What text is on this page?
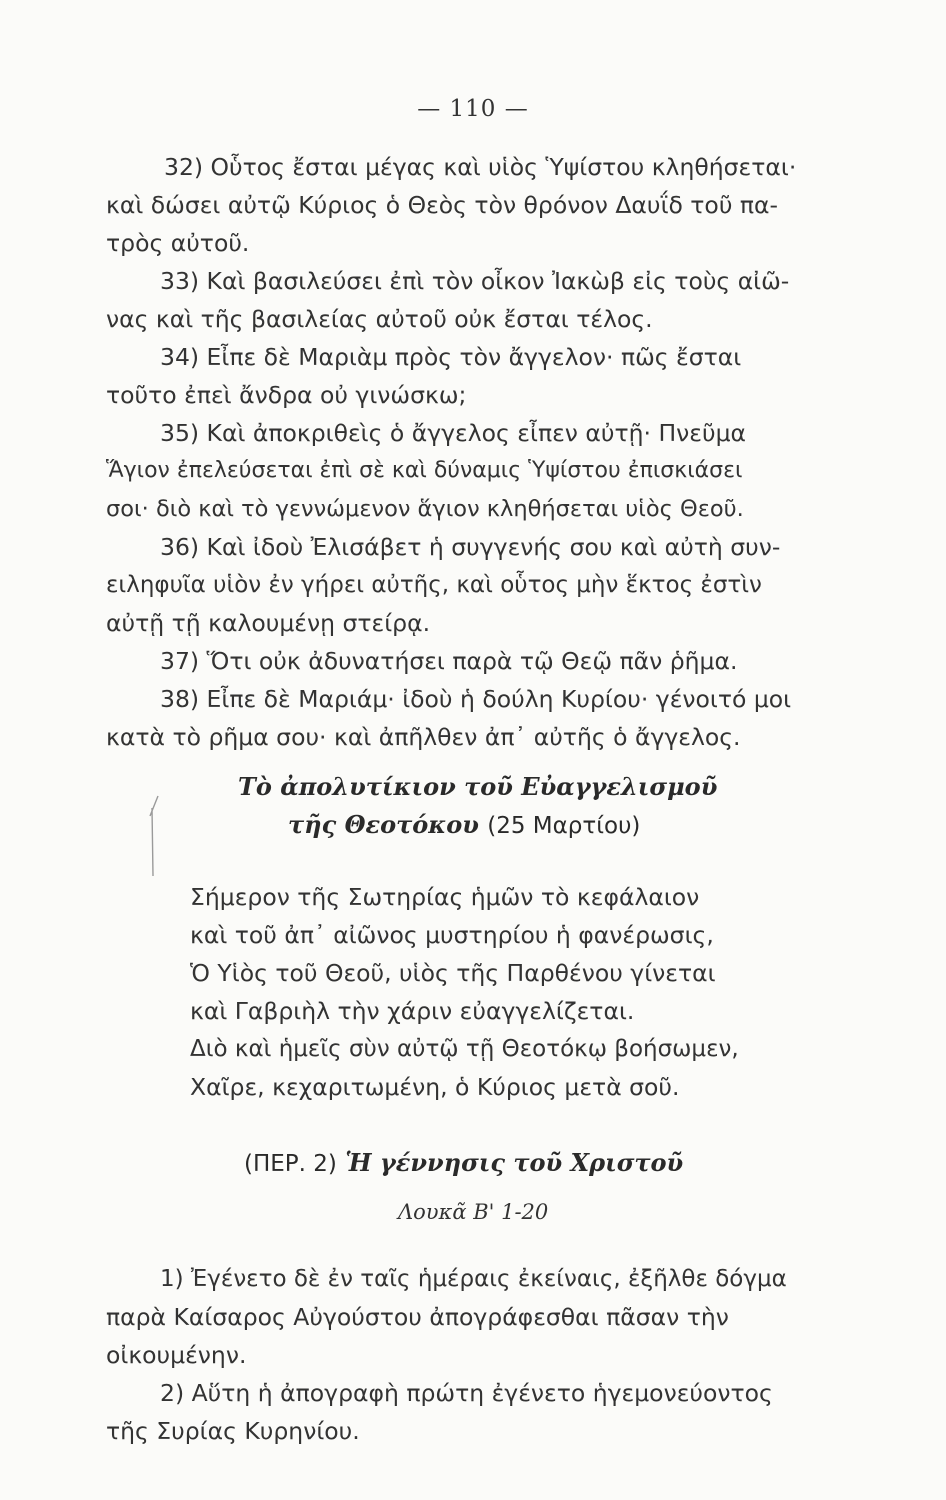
— 110 —
32) Οὗτος ἔσται μέγας καὶ υἱὸς Ὑψίστου κληθήσεται·
καὶ δώσει αὐτῷ Κύριος ὁ Θεὸς τὸν θρόνον Δαυΐδ τοῦ πα-
τρὸς αὐτοῦ.
33) Καὶ βασιλεύσει ἐπὶ τὸν οἶκον Ἰακὼβ εἰς τοὺς αἰῶ-
νας καὶ τῆς βασιλείας αὐτοῦ οὐκ ἔσται τέλος.
34) Εἶπε δὲ Μαριὰμ πρὸς τὸν ἄγγελον· πῶς ἔσται
τοῦτο ἐπεὶ ἄνδρα οὐ γινώσκω;
35) Καὶ ἀποκριθεὶς ὁ ἄγγελος εἶπεν αὐτῇ· Πνεῦμα
Ἅγιον ἐπελεύσεται ἐπὶ σὲ καὶ δύναμις Ὑψίστου ἐπισκιάσει
σοι· διὸ καὶ τὸ γεννώμενον ἅγιον κληθήσεται υἱὸς Θεοῦ.
36) Καὶ ἰδοὺ Ἐλισάβετ ἡ συγγενής σου καὶ αὐτὴ συν-
ειληφυῖα υἱὸν ἐν γήρει αὐτῆς, καὶ οὗτος μὴν ἕκτος ἐστὶν
αὐτῇ τῇ καλουμένῃ στείρᾳ.
37) Ὅτι οὐκ ἀδυνατήσει παρὰ τῷ Θεῷ πᾶν ῥῆμα.
38) Εἶπε δὲ Μαριάμ· ἰδοὺ ἡ δούλη Κυρίου· γένοιτό μοι
κατὰ τὸ ρῆμα σου· καὶ ἀπῆλθεν ἀπ᾽ αὐτῆς ὁ ἄγγελος.
Τὸ ἀπολυτίκιον τοῦ Εὐαγγελισμοῦ
τῆς Θεοτόκου (25 Μαρτίου)
Σήμερον τῆς Σωτηρίας ἡμῶν τὸ κεφάλαιον
καὶ τοῦ ἀπ᾽ αἰῶνος μυστηρίου ἡ φανέρωσις,
Ὁ Υἱὸς τοῦ Θεοῦ, υἱὸς τῆς Παρθένου γίνεται
καὶ Γαβριὴλ τὴν χάριν εὐαγγελίζεται.
Διὸ καὶ ἡμεῖς σὺν αὐτῷ τῇ Θεοτόκῳ βοήσωμεν,
Χαῖρε, κεχαριτωμένη, ὁ Κύριος μετὰ σοῦ.
(ΠΕΡ. 2) Ἡ γέννησις τοῦ Χριστοῦ
Λουκᾶ Β' 1-20
1) Ἐγένετο δὲ ἐν ταῖς ἡμέραις ἐκείναις, ἐξῆλθε δόγμα
παρὰ Καίσαρος Αὐγούστου ἀπογράφεσθαι πᾶσαν τὴν
οἰκουμένην.
2) Αὕτη ἡ ἀπογραφὴ πρώτη ἐγένετο ἡγεμονεύοντος
τῆς Συρίας Κυρηνίου.
